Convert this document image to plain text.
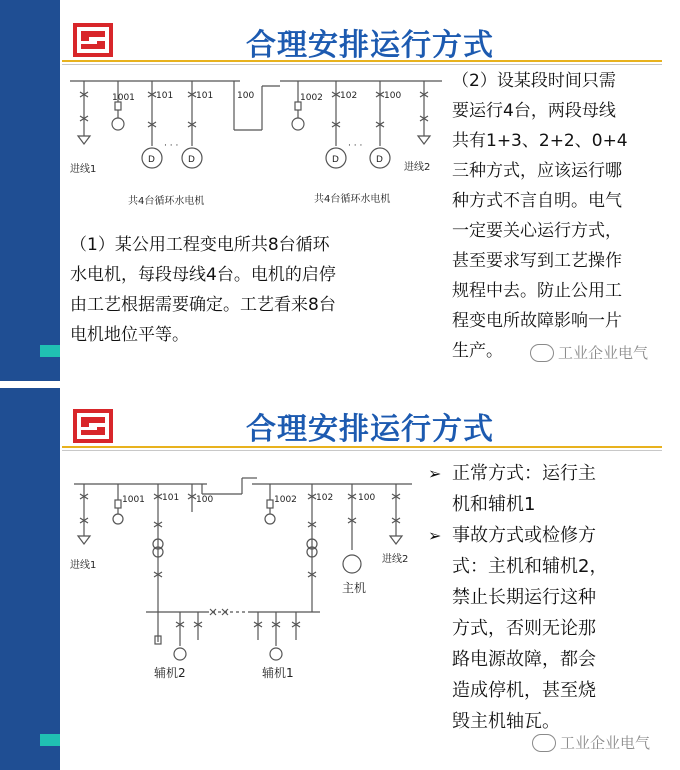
合理安排运行方式
1001 101	101	100	1002 102	100
D	D	D	D
· · ·	· · ·
进线1	进线2
共4台循环水电机	共4台循环水电机
（1）某公用工程变电所共8台循环
水电机，每段母线4台。电机的启停
由工艺根据需要确定。工艺看来8台
电机地位平等。
（2）设某段时间只需
要运行4台，两段母线
共有1+3、2+2、0+4
三种方式，应该运行哪
种方式不言自明。电气
一定要关心运行方式，
甚至要求写到工艺操作
规程中去。防止公用工
程变电所故障影响一片
生产。	工业企业电气
合理安排运行方式
1001 101 100	1002 102	100
进线1
进线2
主机
辅机2	辅机1
➢ 正常方式：运行主
机和辅机1
➢ 事故方式或检修方
式：主机和辅机2，
禁止长期运行这种
方式，否则无论那
路电源故障，都会
造成停机，甚至烧
毁主机轴瓦。
工业企业电气
